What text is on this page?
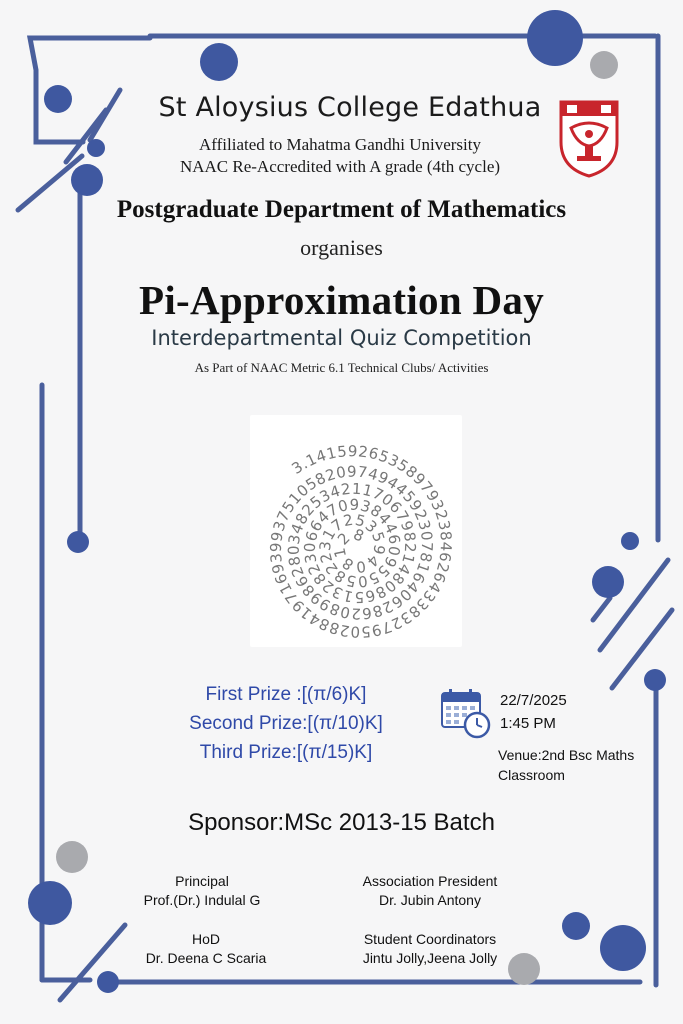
St Aloysius College Edathua
Affiliated to Mahatma Gandhi University
NAAC Re-Accredited with A grade (4th cycle)
Postgraduate Department of Mathematics
organises
Pi-Approximation Day
Interdepartmental Quiz Competition
As Part of NAAC Metric 6.1 Technical Clubs/ Activities
3.141592653589793238462643383279502884197169399375105820974944592307816406286208998628034825342117067982148086513282306647093844609550582231725359408128
First Prize :[(π/6)K]
Second Prize:[(π/10)K]
Third Prize:[(π/15)K]
22/7/2025
1:45 PM
Venue:2nd Bsc Maths
Classroom
Sponsor:MSc 2013-15 Batch
Principal
Prof.(Dr.) Indulal G
Association President
Dr. Jubin Antony
HoD
Dr. Deena C Scaria
Student Coordinators
Jintu Jolly,Jeena Jolly
